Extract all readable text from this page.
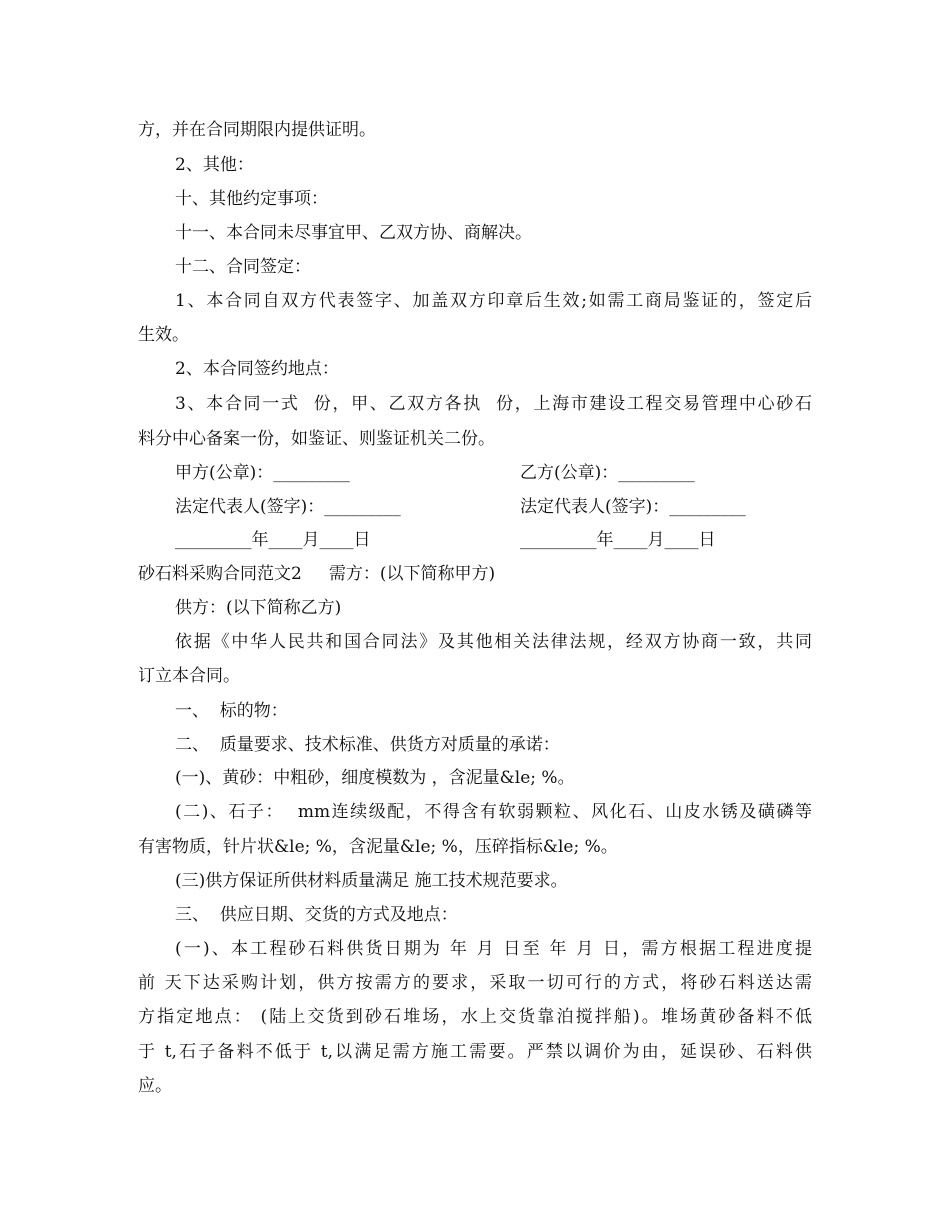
方，并在合同期限内提供证明。
2、其他：
十、其他约定事项：
十一、本合同未尽事宜甲、乙双方协、商解决。
十二、合同签定：
1、本合同自双方代表签字、加盖双方印章后生效;如需工商局鉴证的，签定后
生效。
2、本合同签约地点：
3、本合同一式  份，甲、乙双方各执  份，上海市建设工程交易管理中心砂石
料分中心备案一份，如鉴证、则鉴证机关二份。
甲方(公章)：_________	乙方(公章)：_________
法定代表人(签字)：_________	法定代表人(签字)：_________
_________年____月____日	_________年____月____日
砂石料采购合同范文2     需方：(以下简称甲方)
供方：(以下简称乙方)
依据《中华人民共和国合同法》及其他相关法律法规，经双方协商一致，共同
订立本合同。
一、  标的物：
二、  质量要求、技术标准、供货方对质量的承诺：
(一)、黄砂：中粗砂，细度模数为 ，含泥量&le; %。
(二)、石子：  mm连续级配，不得含有软弱颗粒、风化石、山皮水锈及磺磷等
有害物质，针片状&le; %，含泥量&le; %，压碎指标&le; %。
(三)供方保证所供材料质量满足 施工技术规范要求。
三、  供应日期、交货的方式及地点：
(一)、本工程砂石料供货日期为 年 月 日至 年 月 日，需方根据工程进度提
前 天下达采购计划，供方按需方的要求，采取一切可行的方式，将砂石料送达需
方指定地点： (陆上交货到砂石堆场，水上交货靠泊搅拌船)。堆场黄砂备料不低
于 t,石子备料不低于 t,以满足需方施工需要。严禁以调价为由，延误砂、石料供
应。
